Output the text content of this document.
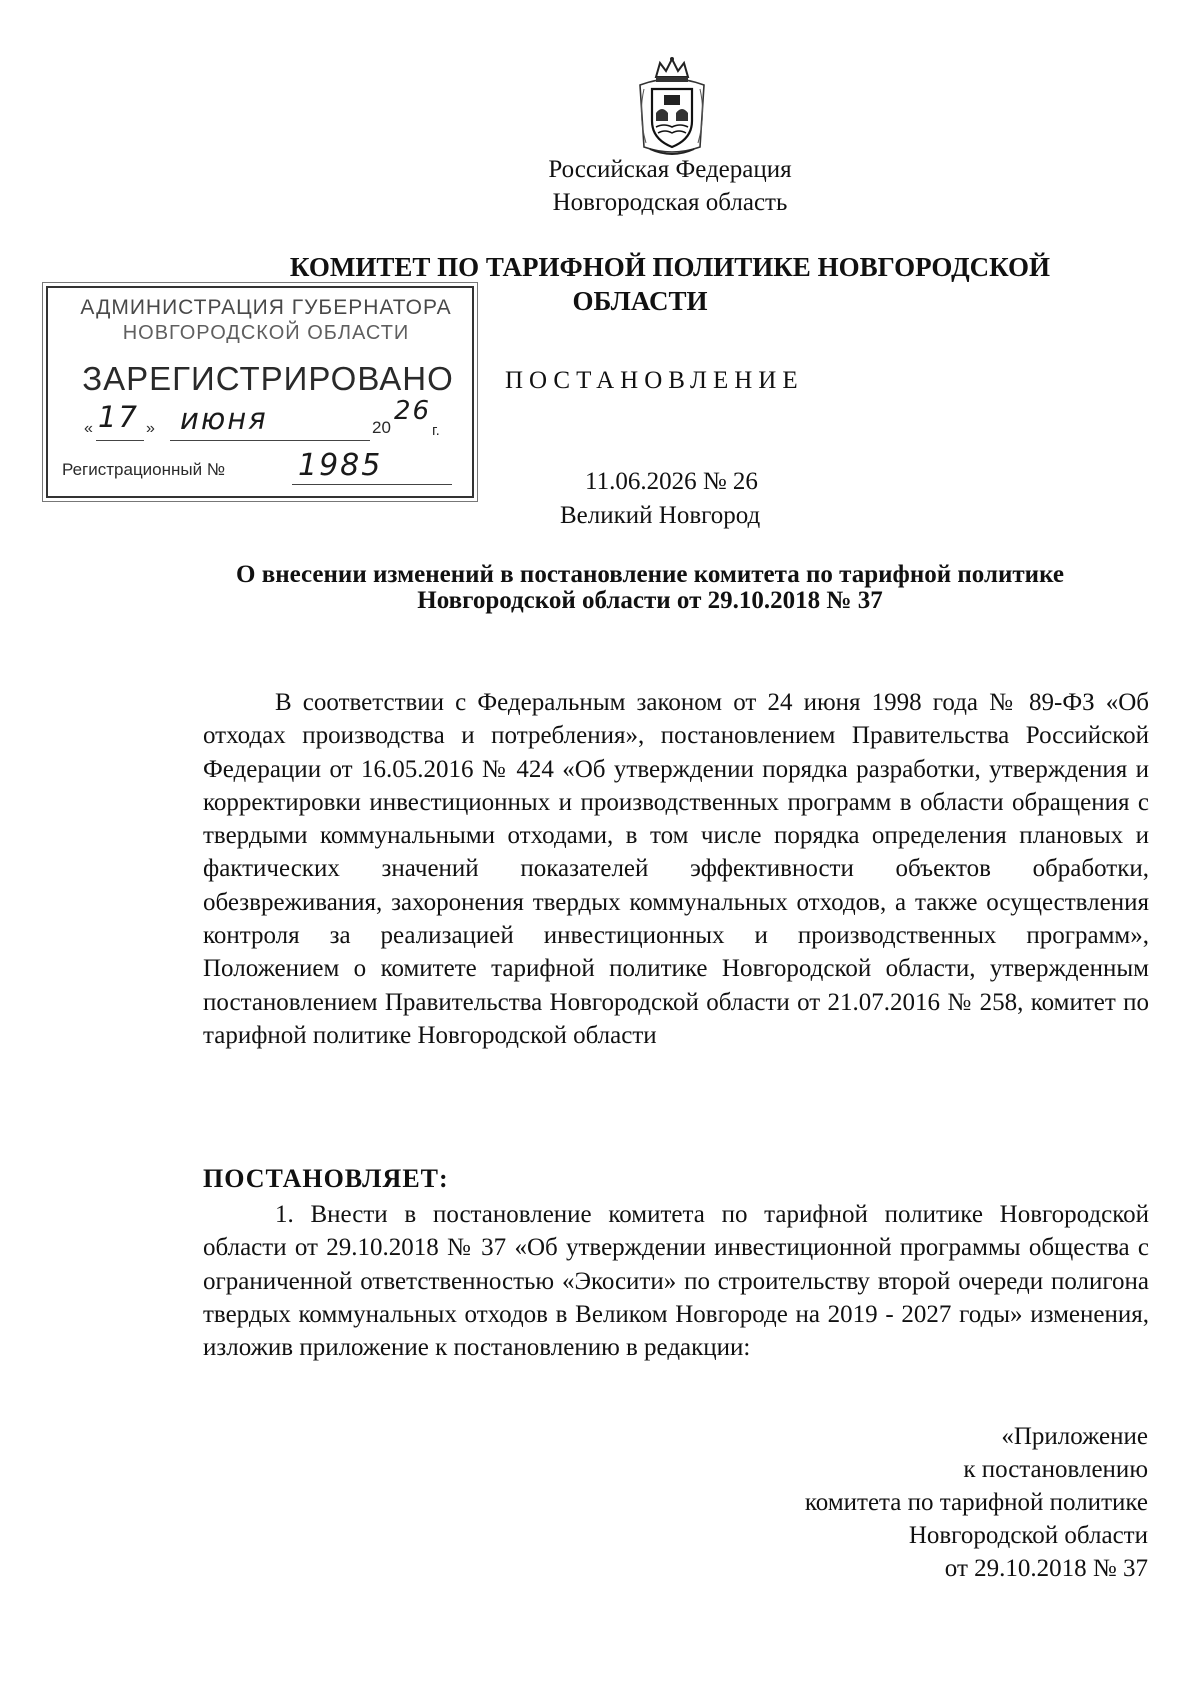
Российская Федерация
Новгородская область
КОМИТЕТ ПО ТАРИФНОЙ ПОЛИТИКЕ НОВГОРОДСКОЙ
ОБЛАСТИ
ПОСТАНОВЛЕНИЕ
11.06.2026 № 26
Великий Новгород
АДМИНИСТРАЦИЯ ГУБЕРНАТОРА
НОВГОРОДСКОЙ ОБЛАСТИ
ЗАРЕГИСТРИРОВАНО
« 17 » июня	20
26
г.
Регистрационный № 1985
О внесении изменений в постановление комитета по тарифной политике
Новгородской области от 29.10.2018 № 37
В соответствии с Федеральным законом от 24 июня 1998 года № 89-ФЗ «Об отходах производства и потребления», постановлением Правительства Российской Федерации от 16.05.2016 № 424 «Об утверждении порядка разработки, утверждения и корректировки инвестиционных и производственных программ в области обращения с твердыми коммунальными отходами, в том числе порядка определения плановых и фактических значений показателей эффективности объектов обработки, обезвреживания, захоронения твердых коммунальных отходов, а также осуществления контроля за реализацией инвестиционных и производственных программ», Положением о комитете тарифной политике Новгородской области, утвержденным постановлением Правительства Новгородской области от 21.07.2016 № 258, комитет по тарифной политике Новгородской области
ПОСТАНОВЛЯЕТ:
1. Внести в постановление комитета по тарифной политике Новгородской области от 29.10.2018 № 37 «Об утверждении инвестиционной программы общества с ограниченной ответственностью «Экосити» по строительству второй очереди полигона твердых коммунальных отходов в Великом Новгороде на 2019 - 2027 годы» изменения, изложив приложение к постановлению в редакции:
«Приложение
к постановлению
комитета по тарифной политике
Новгородской области
от 29.10.2018 № 37
